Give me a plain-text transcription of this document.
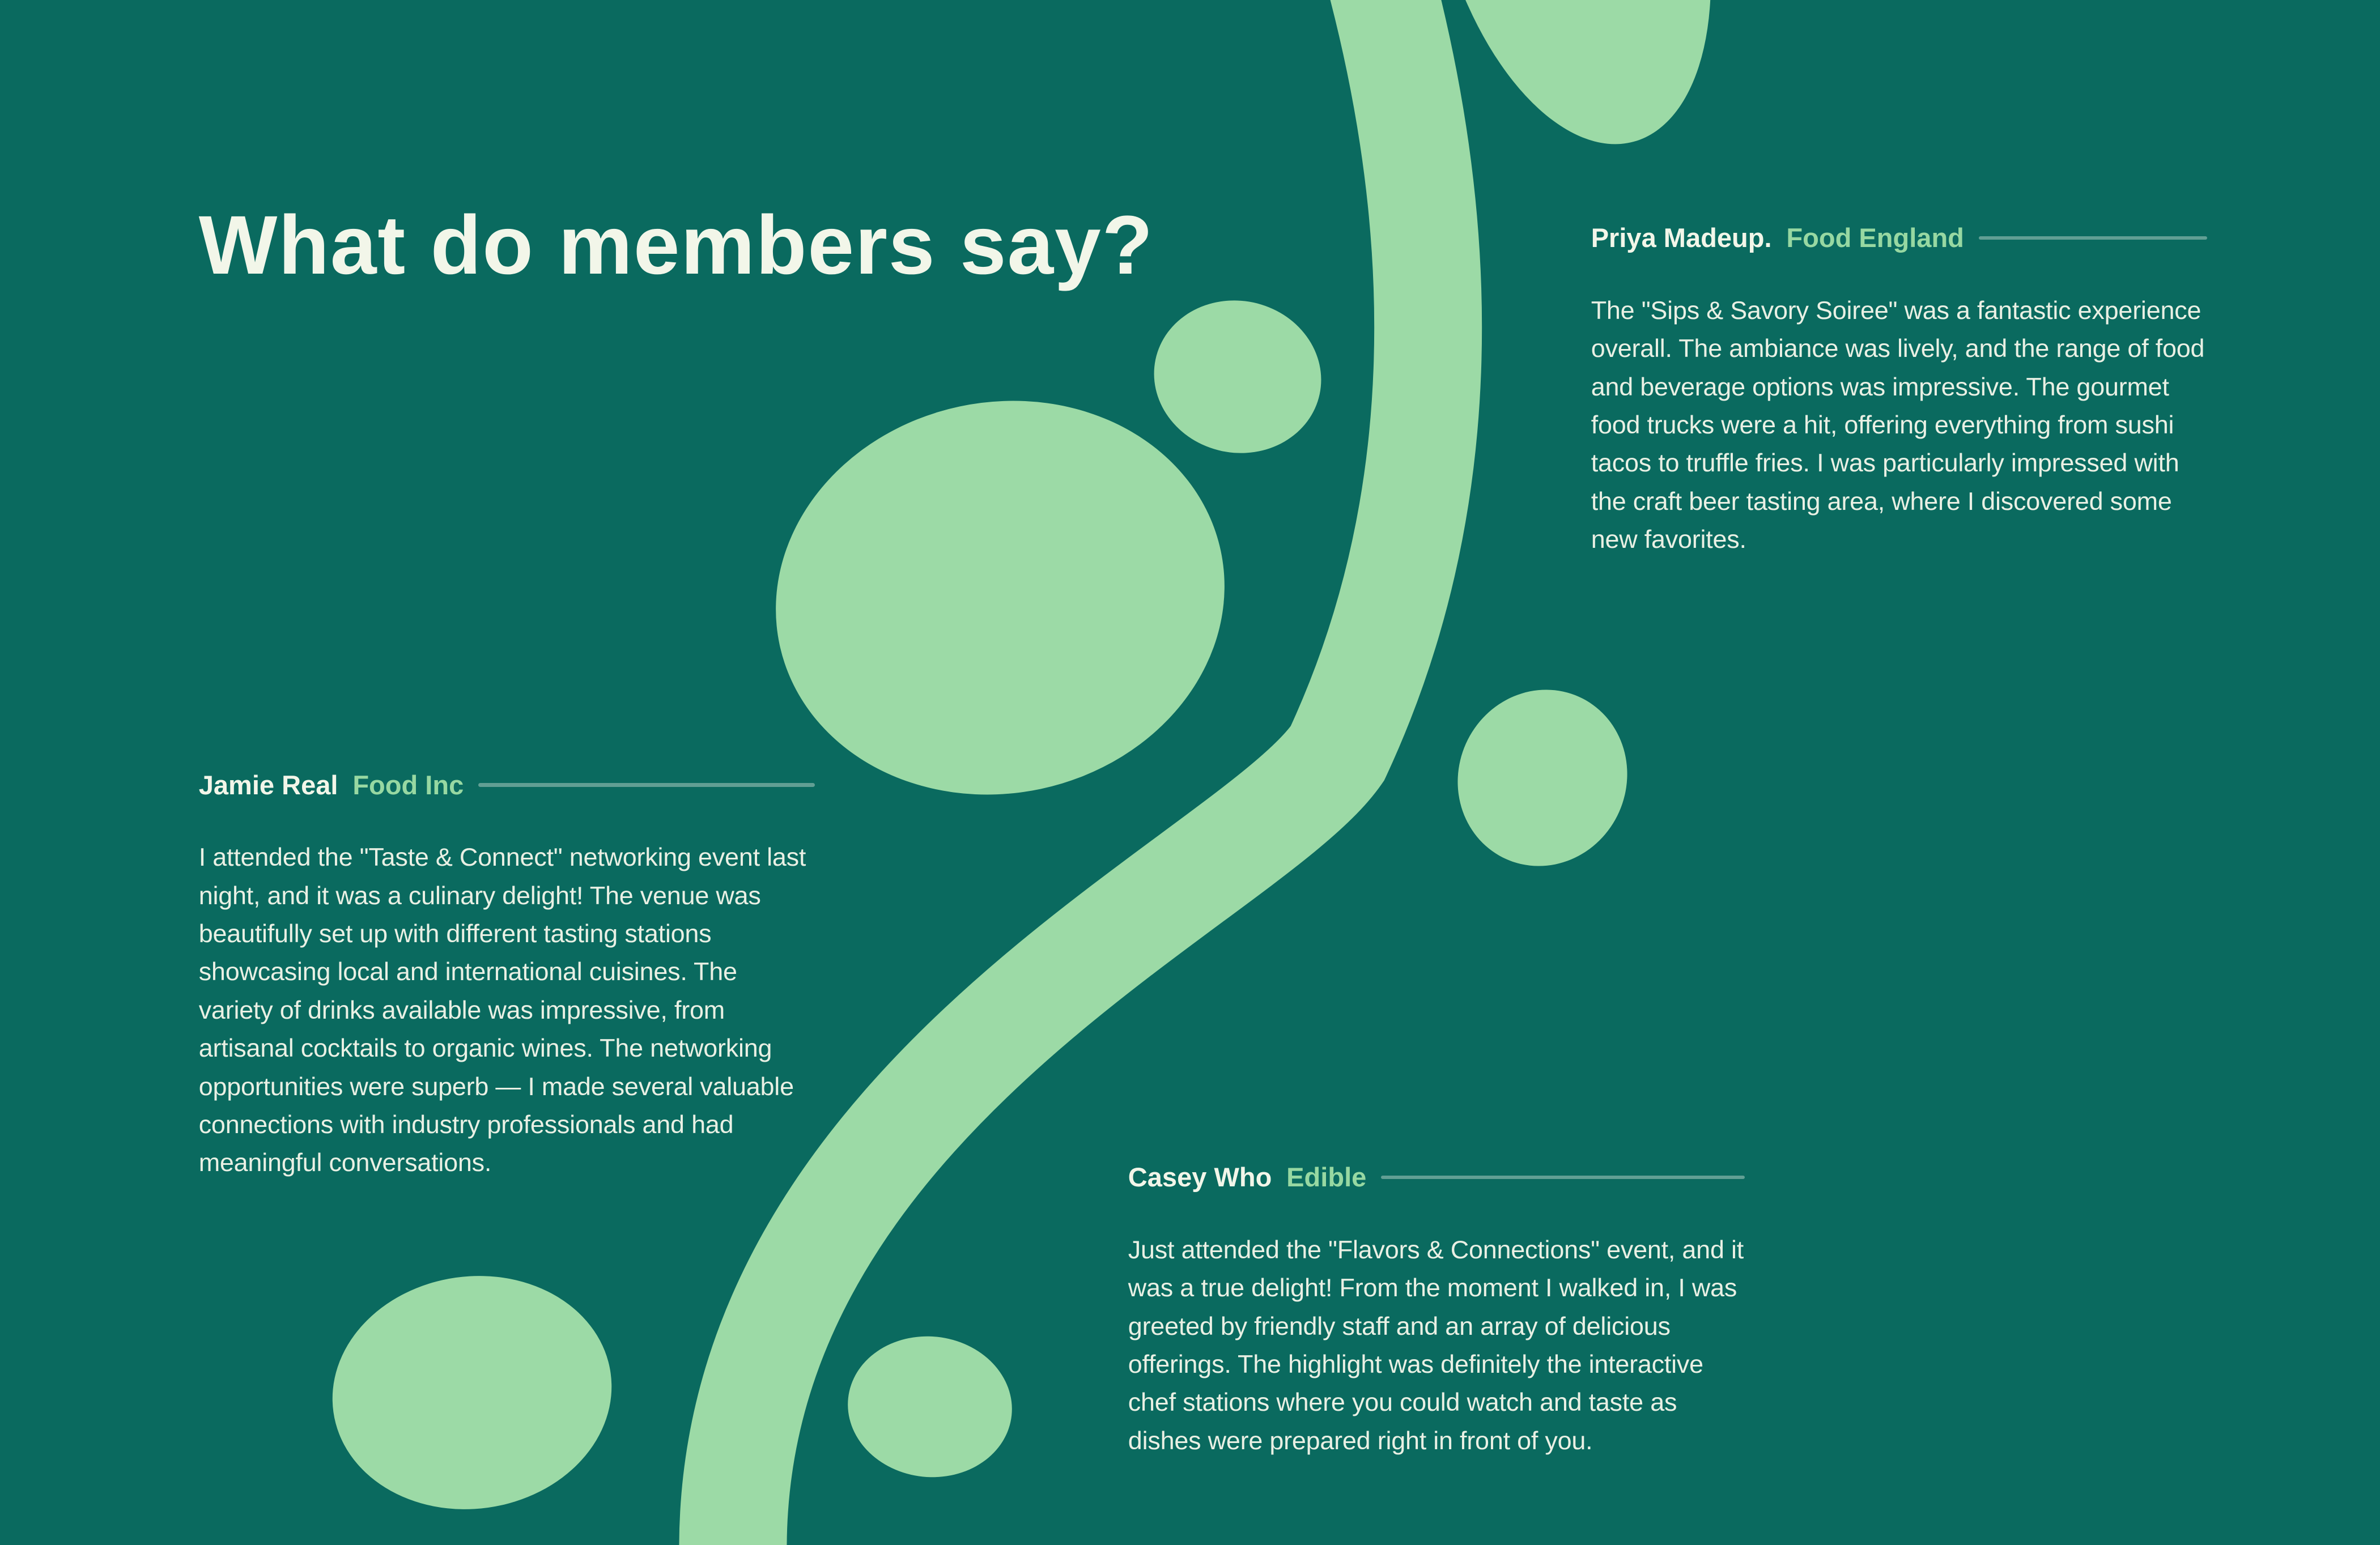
What do members say?
Jamie Real Food Inc

I attended the "Taste & Connect" networking event last night, and it was a culinary delight! The venue was beautifully set up with different tasting stations showcasing local and international cuisines. The variety of drinks available was impressive, from artisanal cocktails to organic wines. The networking opportunities were superb — I made several valuable connections with industry professionals and had meaningful conversations.

Priya Madeup. Food England

The "Sips & Savory Soiree" was a fantastic experience overall. The ambiance was lively, and the range of food and beverage options was impressive. The gourmet food trucks were a hit, offering everything from sushi tacos to truffle fries. I was particularly impressed with the craft beer tasting area, where I discovered some new favorites.

Casey Who Edible

Just attended the "Flavors & Connections" event, and it was a true delight! From the moment I walked in, I was greeted by friendly staff and an array of delicious offerings. The highlight was definitely the interactive chef stations where you could watch and taste as dishes were prepared right in front of you.
